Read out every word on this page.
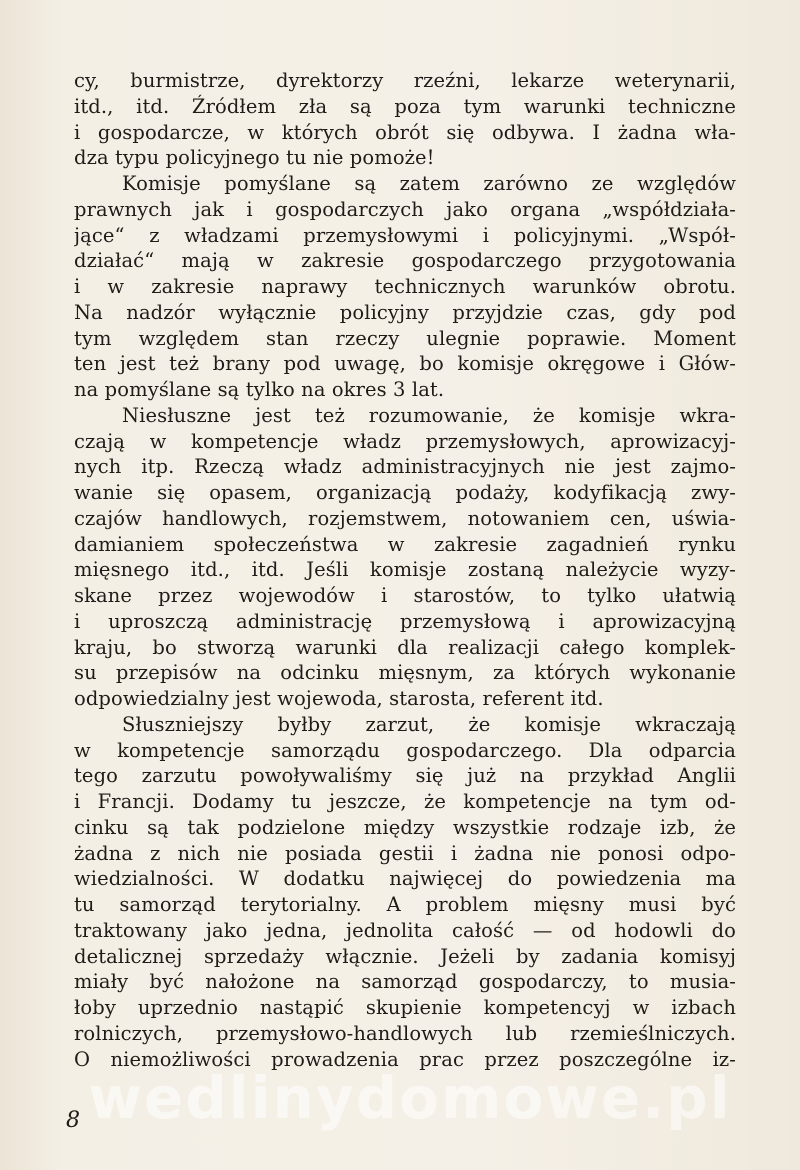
cy, burmistrze, dyrektorzy rzeźni, lekarze weterynarii,
itd., itd. Źródłem zła są poza tym warunki techniczne
i gospodarcze, w których obrót się odbywa. I żadna wła-
dza typu policyjnego tu nie pomoże!
Komisje pomyślane są zatem zarówno ze względów
prawnych jak i gospodarczych jako organa „współdziała-
jące“ z władzami przemysłowymi i policyjnymi. „Współ-
działać“ mają w zakresie gospodarczego przygotowania
i w zakresie naprawy technicznych warunków obrotu.
Na nadzór wyłącznie policyjny przyjdzie czas, gdy pod
tym względem stan rzeczy ulegnie poprawie. Moment
ten jest też brany pod uwagę, bo komisje okręgowe i Głów-
na pomyślane są tylko na okres 3 lat.
Niesłuszne jest też rozumowanie, że komisje wkra-
czają w kompetencje władz przemysłowych, aprowizacyj-
nych itp. Rzeczą władz administracyjnych nie jest zajmo-
wanie się opasem, organizacją podaży, kodyfikacją zwy-
czajów handlowych, rozjemstwem, notowaniem cen, uświa-
damianiem społeczeństwa w zakresie zagadnień rynku
mięsnego itd., itd. Jeśli komisje zostaną należycie wyzy-
skane przez wojewodów i starostów, to tylko ułatwią
i uproszczą administrację przemysłową i aprowizacyjną
kraju, bo stworzą warunki dla realizacji całego komplek-
su przepisów na odcinku mięsnym, za których wykonanie
odpowiedzialny jest wojewoda, starosta, referent itd.
Słuszniejszy byłby zarzut, że komisje wkraczają
w kompetencje samorządu gospodarczego. Dla odparcia
tego zarzutu powoływaliśmy się już na przykład Anglii
i Francji. Dodamy tu jeszcze, że kompetencje na tym od-
cinku są tak podzielone między wszystkie rodzaje izb, że
żadna z nich nie posiada gestii i żadna nie ponosi odpo-
wiedzialności. W dodatku najwięcej do powiedzenia ma
tu samorząd terytorialny. A problem mięsny musi być
traktowany jako jedna, jednolita całość — od hodowli do
detalicznej sprzedaży włącznie. Jeżeli by zadania komisyj
miały być nałożone na samorząd gospodarczy, to musia-
łoby uprzednio nastąpić skupienie kompetencyj w izbach
rolniczych, przemysłowo-handlowych lub rzemieślniczych.
O niemożliwości prowadzenia prac przez poszczególne iz-
wedlinydomowe.pl
8
